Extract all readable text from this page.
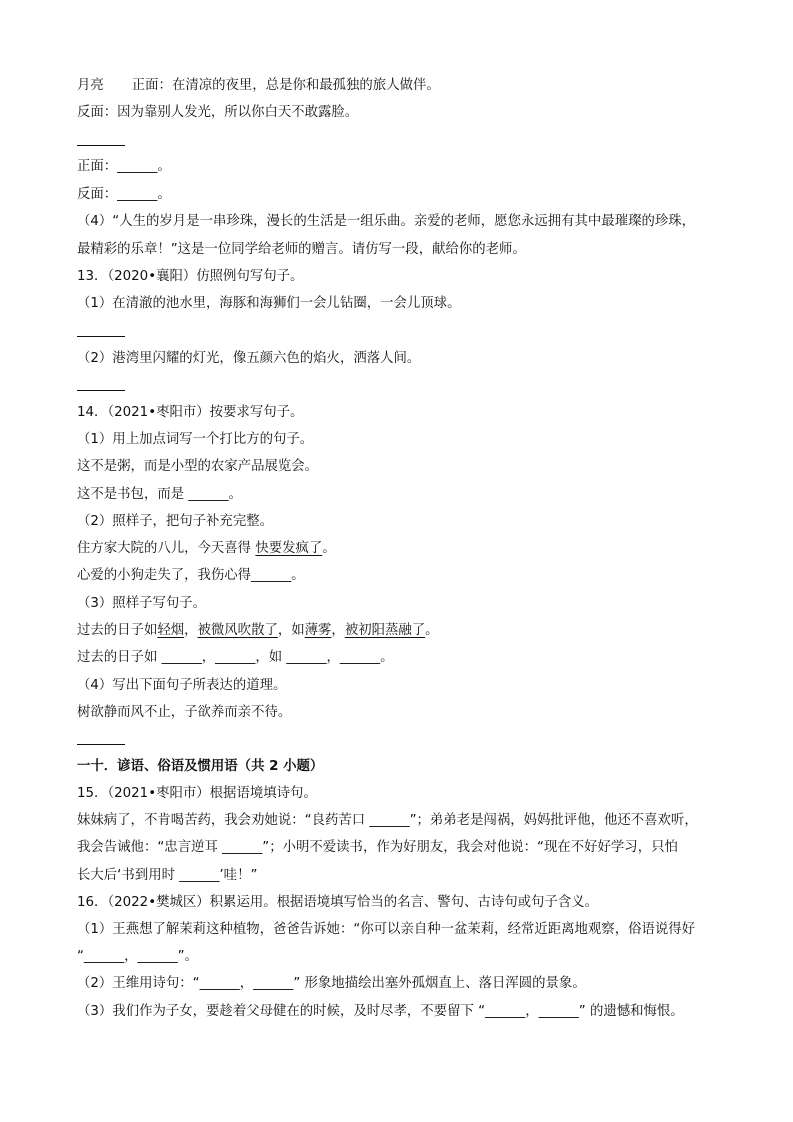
月亮 正面：在清凉的夜里，总是你和最孤独的旅人做伴。
反面：因为靠别人发光，所以你白天不敢露脸。
正面：______。
反面：______。
（4）“人生的岁月是一串珍珠，漫长的生活是一组乐曲。亲爱的老师，愿您永远拥有其中最璀璨的珍珠，
最精彩的乐章！”这是一位同学给老师的赠言。请仿写一段，献给你的老师。
13．（2020•襄阳）仿照例句写句子。
（1）在清澈的池水里，海豚和海狮们一会儿钻圈，一会儿顶球。
（2）港湾里闪耀的灯光，像五颜六色的焰火，洒落人间。
14．（2021•枣阳市）按要求写句子。
（1）用上加点词写一个打比方的句子。
这不是粥，而是小型的农家产品展览会。
这不是书包，而是 ______。
（2）照样子，把句子补充完整。
住方家大院的八儿，今天喜得 快要发疯了。
心爱的小狗走失了，我伤心得______。
（3）照样子写句子。
过去的日子如轻烟，被微风吹散了，如薄雾，被初阳蒸融了。
过去的日子如 ______，______，如 ______，______。
（4）写出下面句子所表达的道理。
树欲静而风不止，子欲养而亲不待。
一十．谚语、俗语及惯用语（共 2 小题）
15．（2021•枣阳市）根据语境填诗句。
妹妹病了，不肯喝苦药，我会劝她说：“良药苦口 ______”；弟弟老是闯祸，妈妈批评他，他还不喜欢听，
我会告诫他：“忠言逆耳 ______”；小明不爱读书，作为好朋友，我会对他说：“现在不好好学习，只怕
长大后‘书到用时 ______’哇！”
16．（2022•樊城区）积累运用。根据语境填写恰当的名言、警句、古诗句或句子含义。
（1）王燕想了解茉莉这种植物，爸爸告诉她：“你可以亲自种一盆茉莉，经常近距离地观察，俗语说得好
“______，______”。
（2）王维用诗句：“______，______” 形象地描绘出塞外孤烟直上、落日浑圆的景象。
（3）我们作为子女，要趁着父母健在的时候，及时尽孝，不要留下 “______，______” 的遗憾和悔恨。
